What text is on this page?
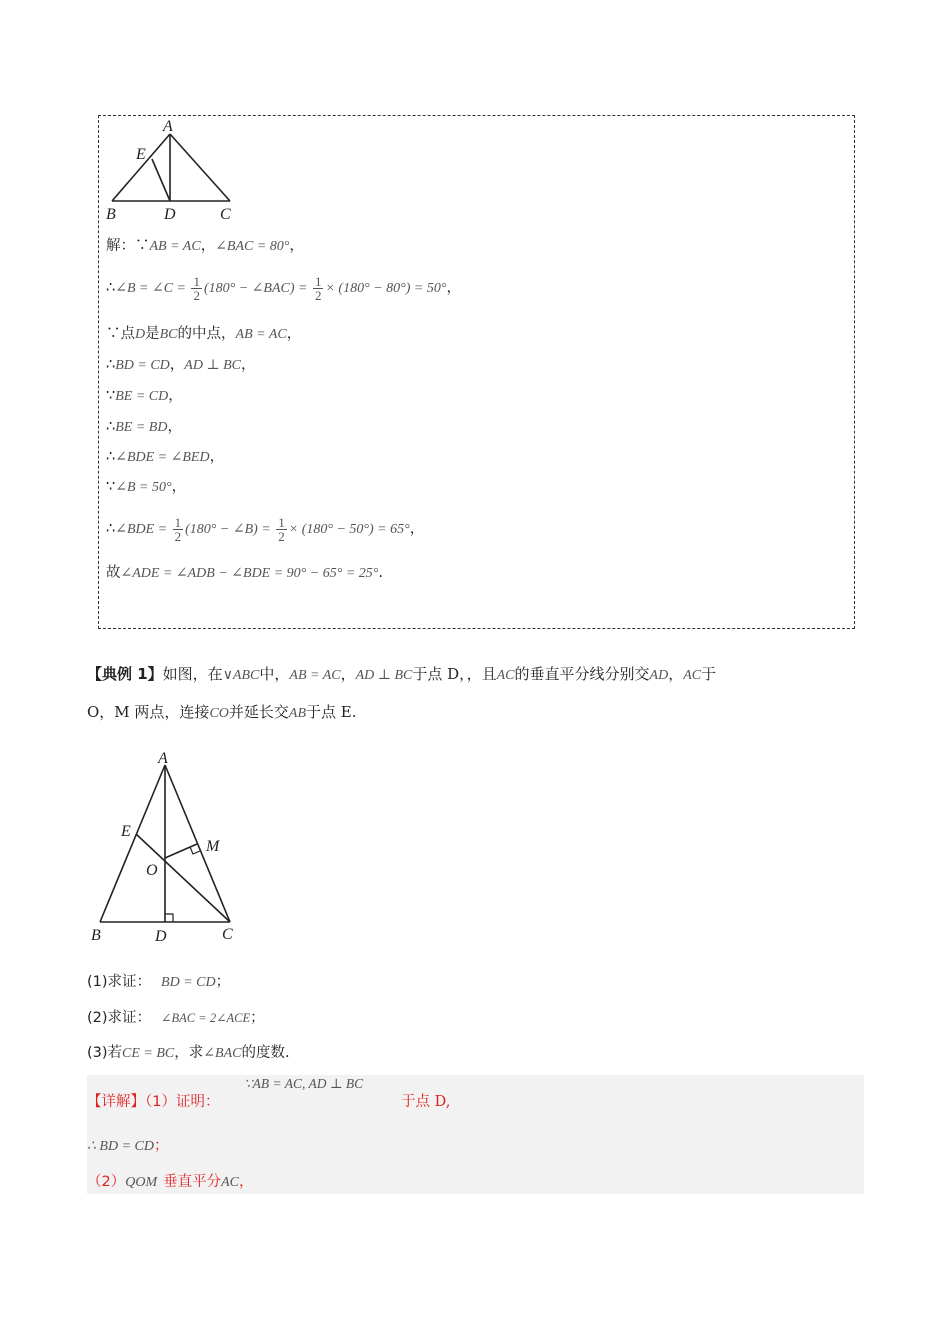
A
E
B	D	C
解：∵AB = AC，∠BAC = 80°，
∴∠B = ∠C = $\frac{1}{2} (180^\circ$ − ∠BAC) = $\frac{1}{2} \times (180^\circ - 80^\circ) = 50^\circ$，
∵点D是BC的中点，AB = AC，
∴BD = CD，AD ⊥ BC，
∵BE = CD，
∴BE = BD，
∴∠BDE = ∠BED，
∵∠B = 50°，
∴∠BDE = $\frac{1}{2} (180^\circ$ − ∠B) = $\frac{1}{2} \times (180^\circ - 50^\circ) = 65^\circ$，
故∠ADE = ∠ADB − ∠BDE = 90° − 65° = 25°.
【典例 1】如图，在∨ABC中，AB = AC，AD ⊥ BC于点 D，，且AC的垂直平分线分别交AD，AC于
O，M 两点，连接CO并延长交AB于点 E.
A
E
M
O
B	D	C
(1)求证： BD = CD；
(2)求证： ∠BAC = 2∠ACE；
(3)若CE = BC，求∠BAC的度数.
【详解】（1）证明：
∵AB = AC, AD ⊥ BC
于点 D,
∴ BD = CD；
（2）QOM 垂直平分AC，
